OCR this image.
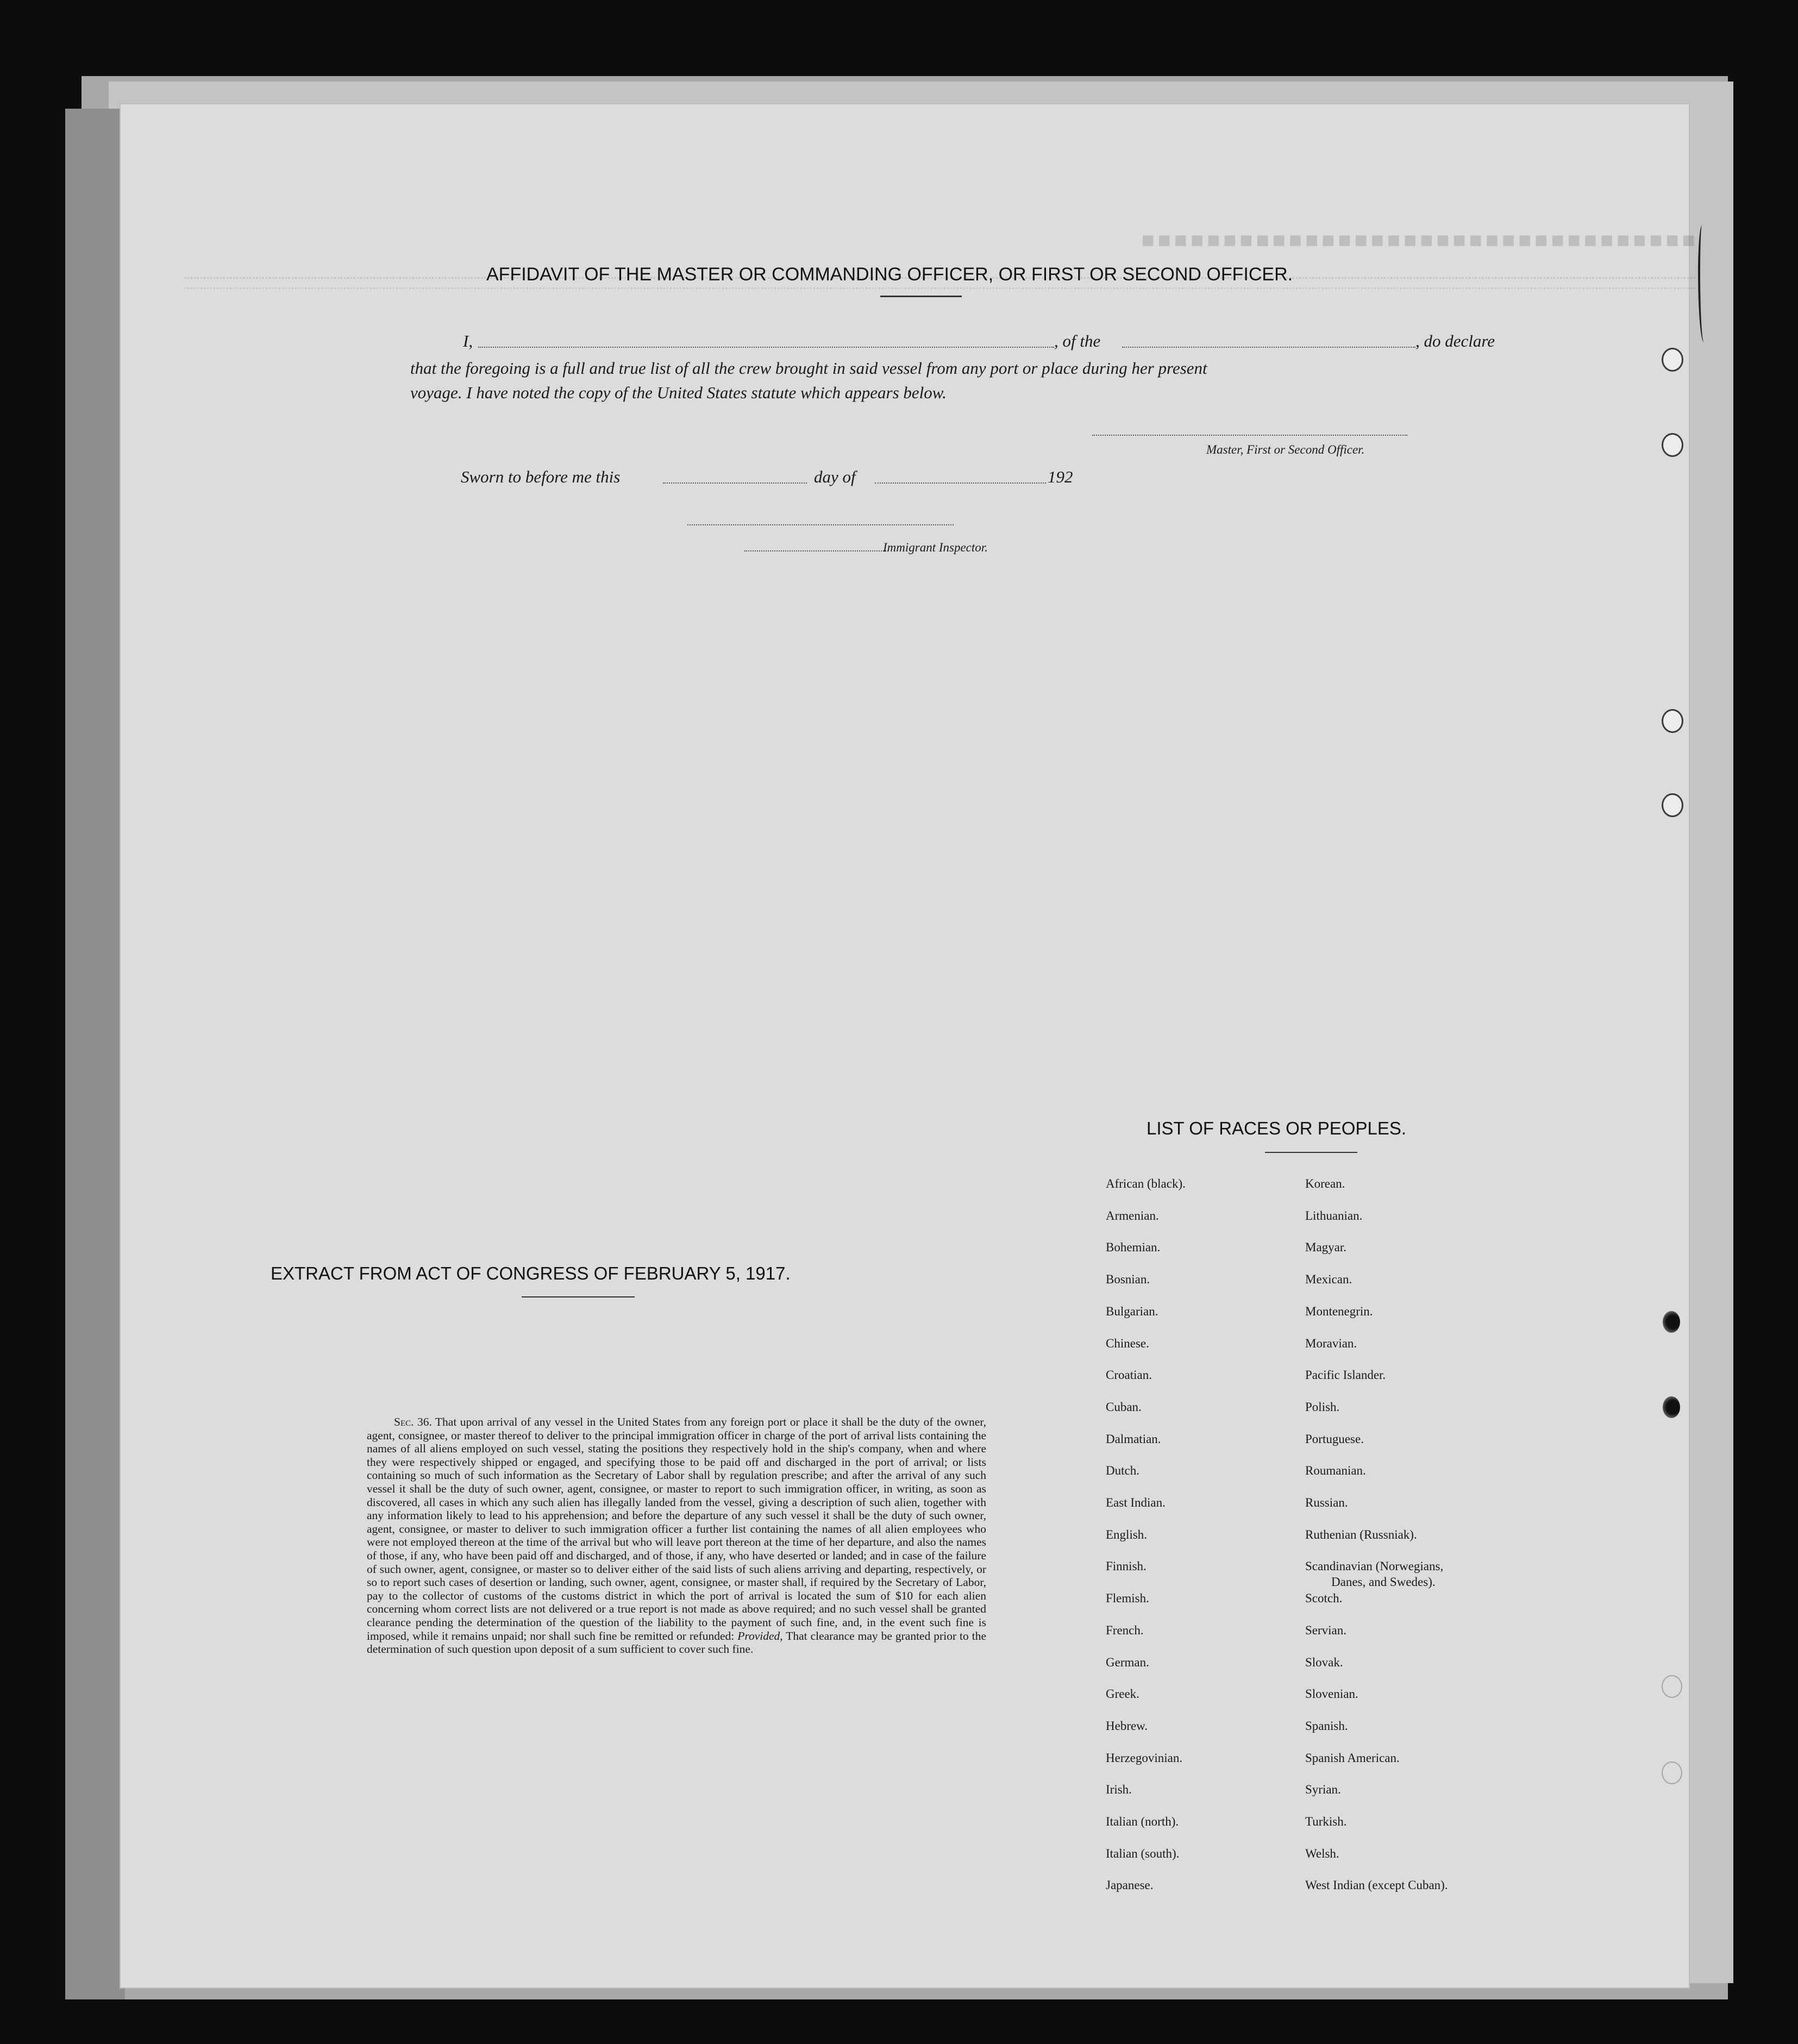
■■■■■■■■■■■■■■■■■■■■■■■■■■■■■■■■■■
AFFIDAVIT OF THE MASTER OR COMMANDING OFFICER, OR FIRST OR SECOND OFFICER.
I,	, of the	, do declare
that the foregoing is a full and true list of all the crew brought in said vessel from any port or place during her present
voyage. I have noted the copy of the United States statute which appears below.
Master, First or Second Officer.
Sworn to before me this	day of	192
Immigrant Inspector.
EXTRACT FROM ACT OF CONGRESS OF FEBRUARY 5, 1917.
Sec. 36. That upon arrival of any vessel in the United States from any foreign port or place it shall be the duty of the owner, agent, consignee, or master thereof to deliver to the principal immigration officer in charge of the port of arrival lists containing the names of all aliens employed on such vessel, stating the positions they respectively hold in the ship's company, when and where they were respectively shipped or engaged, and specifying those to be paid off and discharged in the port of arrival; or lists containing so much of such information as the Secretary of Labor shall by regulation prescribe; and after the arrival of any such vessel it shall be the duty of such owner, agent, consignee, or master to report to such immigration officer, in writing, as soon as discovered, all cases in which any such alien has illegally landed from the vessel, giving a description of such alien, together with any information likely to lead to his apprehension; and before the departure of any such vessel it shall be the duty of such owner, agent, consignee, or master to deliver to such immigration officer a further list containing the names of all alien employees who were not employed thereon at the time of the arrival but who will leave port thereon at the time of her departure, and also the names of those, if any, who have been paid off and discharged, and of those, if any, who have deserted or landed; and in case of the failure of such owner, agent, consignee, or master so to deliver either of the said lists of such aliens arriving and departing, respectively, or so to report such cases of desertion or landing, such owner, agent, consignee, or master shall, if required by the Secretary of Labor, pay to the collector of customs of the customs district in which the port of arrival is located the sum of $10 for each alien concerning whom correct lists are not delivered or a true report is not made as above required; and no such vessel shall be granted clearance pending the determination of the question of the liability to the payment of such fine, and, in the event such fine is imposed, while it remains unpaid; nor shall such fine be remitted or refunded: Provided, That clearance may be granted prior to the determination of such question upon deposit of a sum sufficient to cover such fine.
LIST OF RACES OR PEOPLES.
African (black).
Armenian.
Bohemian.
Bosnian.
Bulgarian.
Chinese.
Croatian.
Cuban.
Dalmatian.
Dutch.
East Indian.
English.
Finnish.
Flemish.
French.
German.
Greek.
Hebrew.
Herzegovinian.
Irish.
Italian (north).
Italian (south).
Japanese.
Korean.
Lithuanian.
Magyar.
Mexican.
Montenegrin.
Moravian.
Pacific Islander.
Polish.
Portuguese.
Roumanian.
Russian.
Ruthenian (Russniak).
Scandinavian (Norwegians,
Danes, and Swedes).
Scotch.
Servian.
Slovak.
Slovenian.
Spanish.
Spanish American.
Syrian.
Turkish.
Welsh.
West Indian (except Cuban).
